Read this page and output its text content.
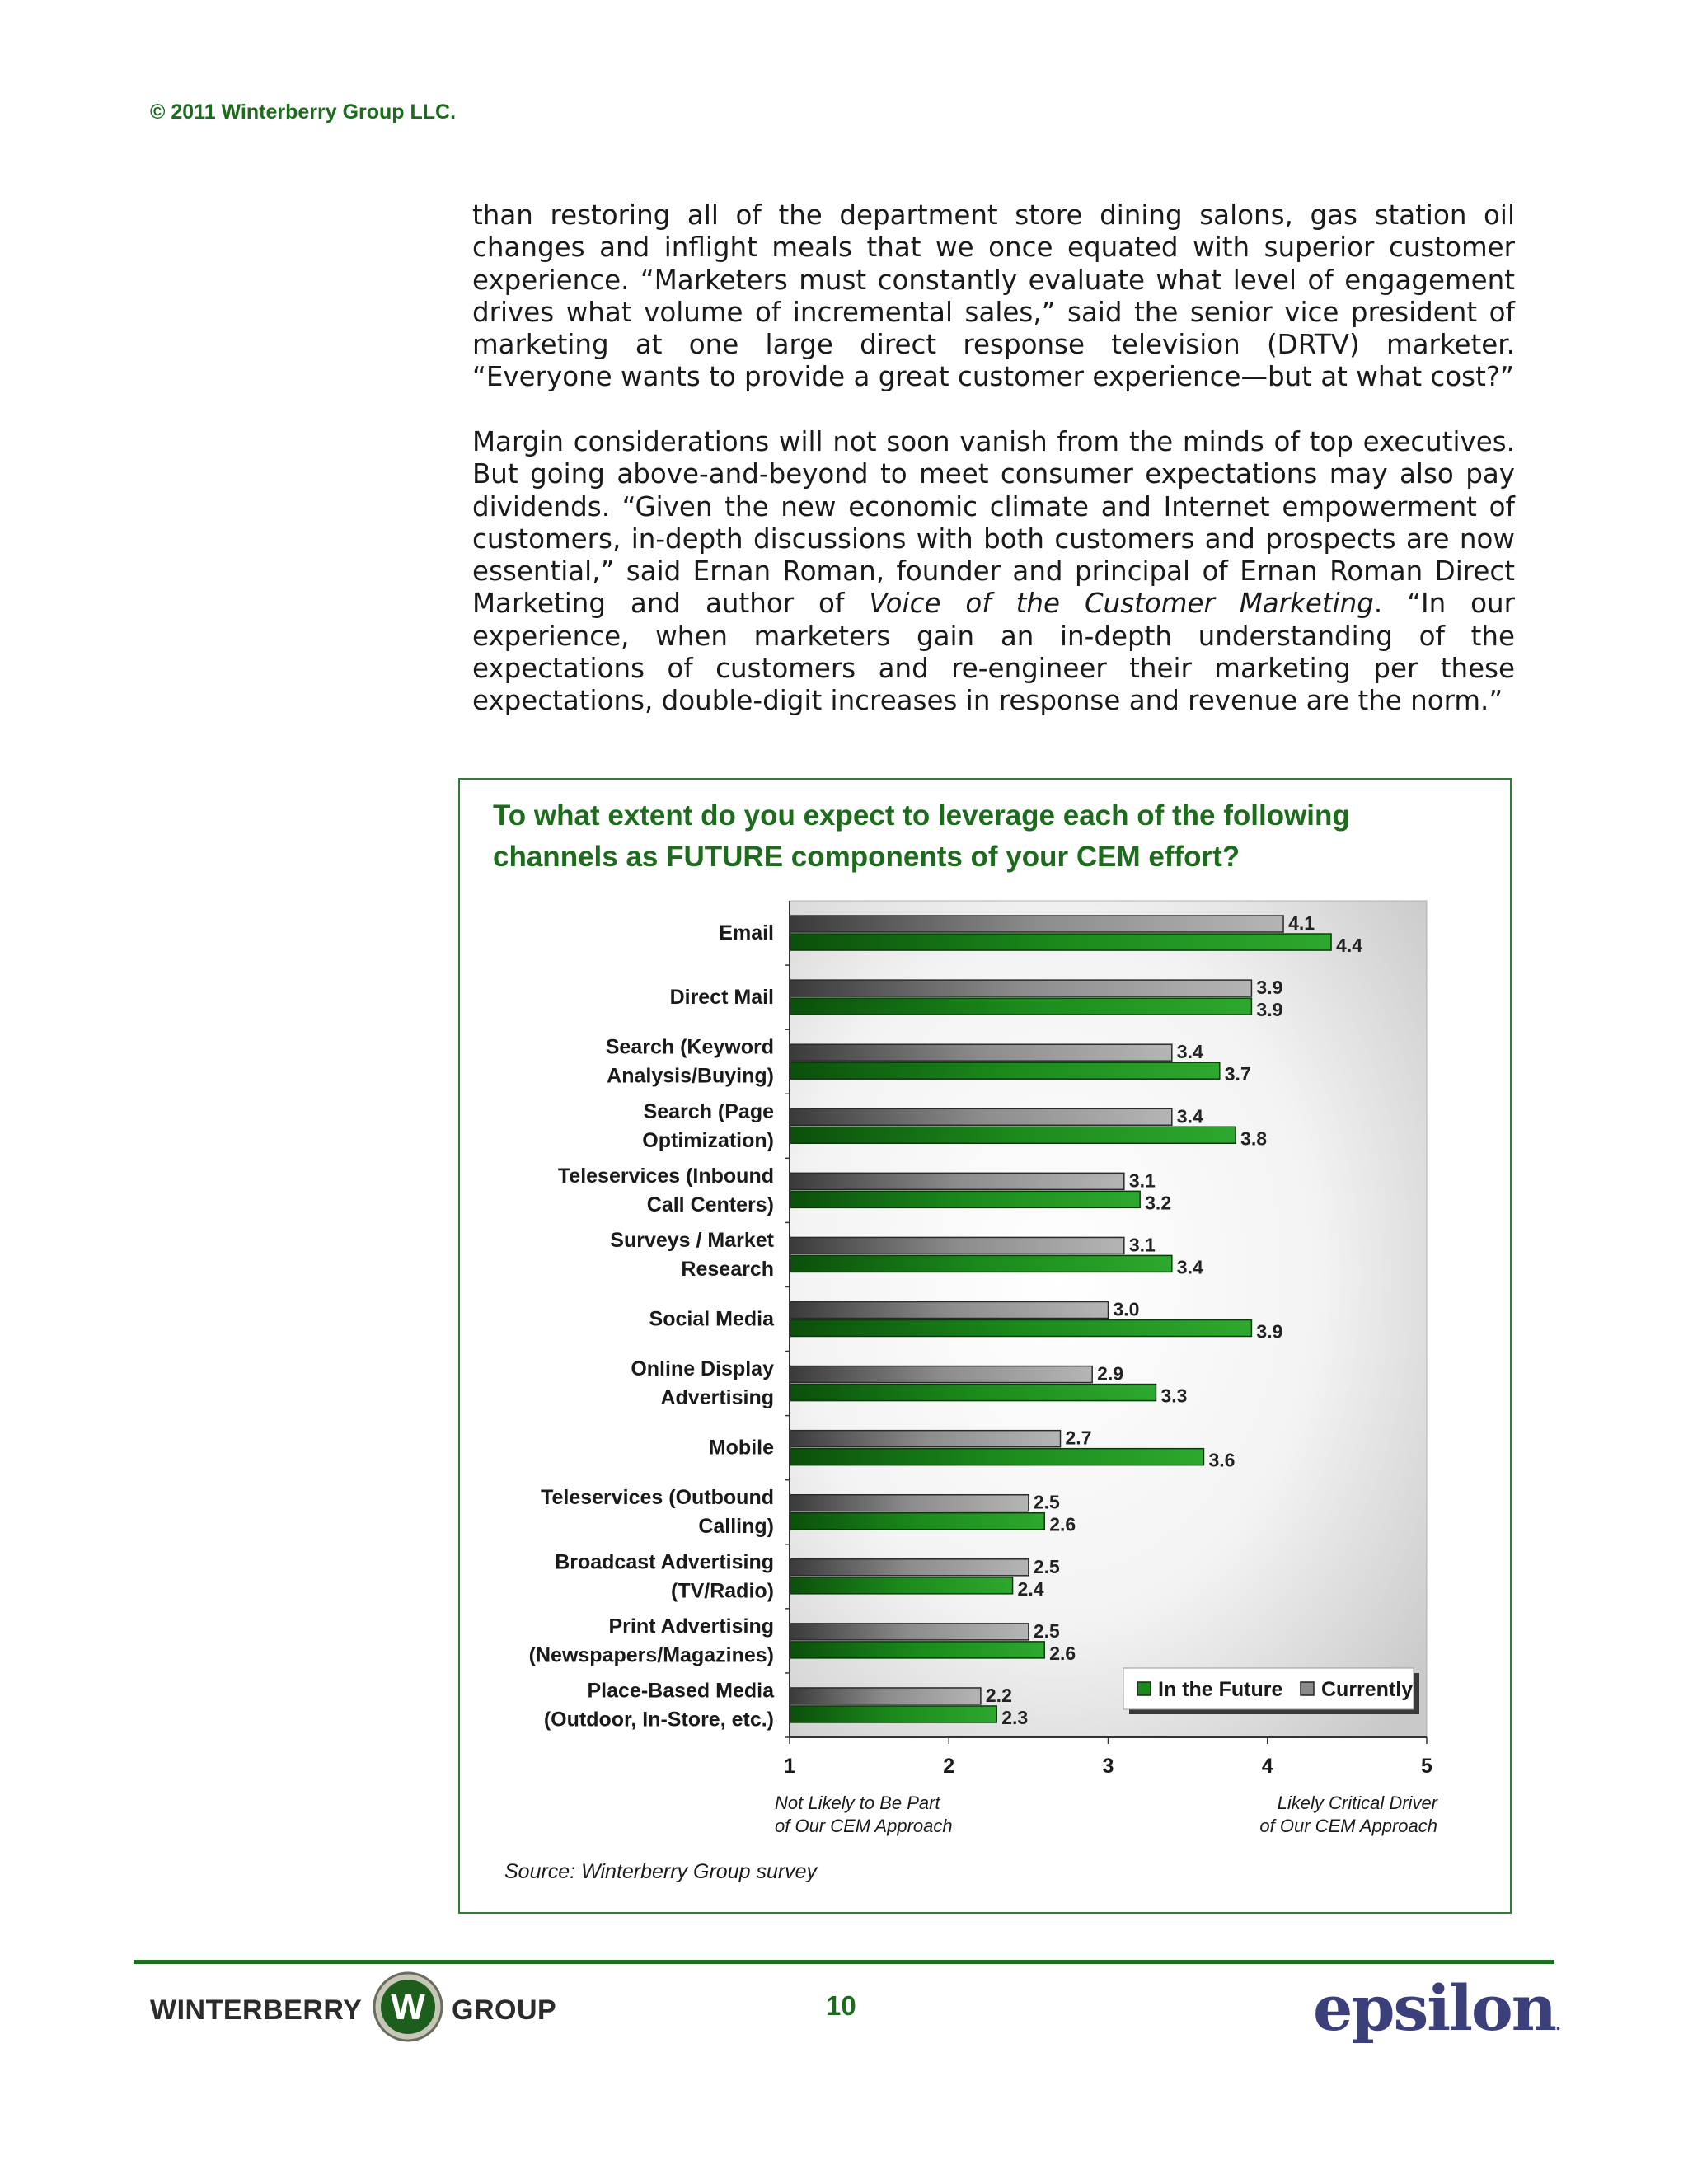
© 2011 Winterberry Group LLC.

than restoring all of the department store dining salons, gas station oil changes and inflight meals that we once equated with superior customer experience. “Marketers must constantly evaluate what level of engagement drives what volume of incremental sales,” said the senior vice president of marketing at one large direct response television (DRTV) marketer. “Everyone wants to provide a great customer experience—but at what cost?”

Margin considerations will not soon vanish from the minds of top executives. But going above-and-beyond to meet consumer expectations may also pay dividends. “Given the new economic climate and Internet empowerment of customers, in-depth discussions with both customers and prospects are now essential,” said Ernan Roman, founder and principal of Ernan Roman Direct Marketing and author of Voice of the Customer Marketing. “In our experience, when marketers gain an in-depth understanding of the expectations of customers and re-engineer their marketing per these expectations, double-digit increases in response and revenue are the norm.”

To what extent do you expect to leverage each of the following channels as FUTURE components of your CEM effort?
4.1
4.4
3.9
3.9
3.4
3.7
3.4
3.8
3.1
3.2
3.1
3.4
3.0
3.9
2.9
3.3
2.7
3.6
2.5
2.6
2.5
2.4
2.5
2.6
2.2
2.3
1	2	3	4	5
Not Likely to Be Part
of Our CEM Approach
Likely Critical Driver
of Our CEM Approach
Email
Direct Mail
Search (Keyword Analysis/Buying)
Search (Page Optimization)
Teleservices (Inbound Call Centers)
Surveys / Market Research
Social Media
Online Display Advertising
Mobile
Teleservices (Outbound Calling)
Broadcast Advertising (TV/Radio)
Print Advertising (Newspapers/Magazines)
Place-Based Media (Outdoor, In-Store, etc.)
In the Future Currently
Source: Winterberry Group survey
WINTERBERRY W GROUP	10	epsilon.
